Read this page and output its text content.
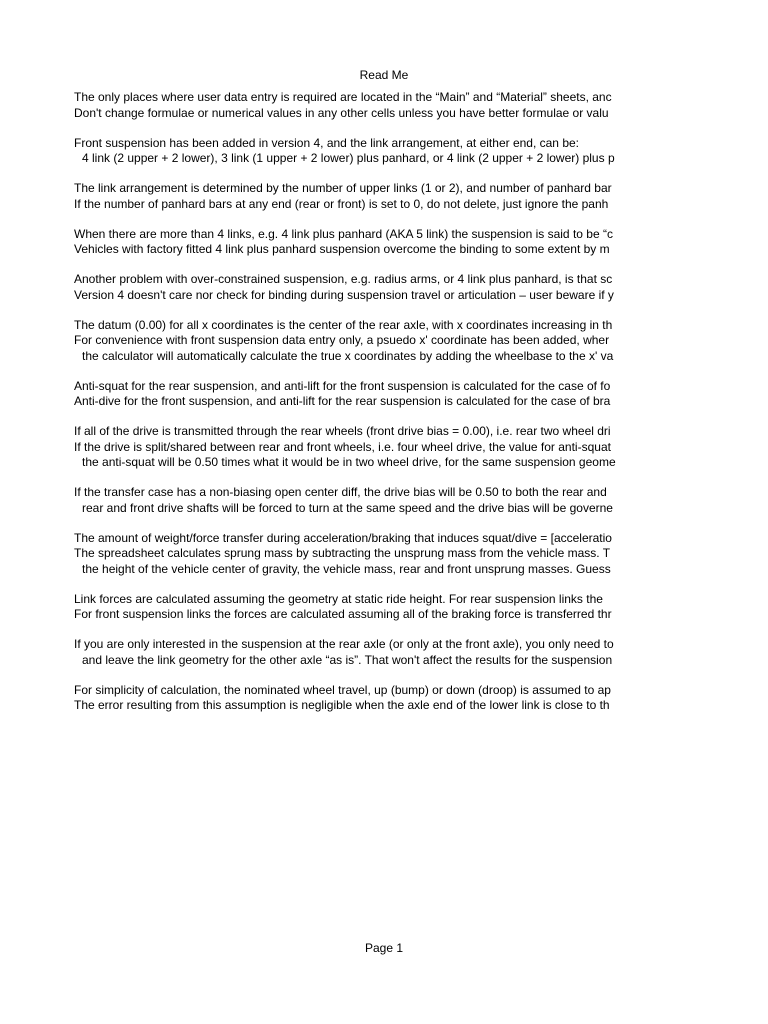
Read Me
The only places where user data entry is required are located in the “Main” and “Material” sheets, anc
Don't change formulae or numerical values in any other cells unless you have better formulae or valu
Front suspension has been added in version 4, and the link arrangement, at either end, can be:
4 link (2 upper + 2 lower), 3 link (1 upper + 2 lower) plus panhard, or 4 link (2 upper + 2 lower) plus p
The link arrangement is determined by the number of upper links (1 or 2), and number of panhard bar
If the number of panhard bars at any end (rear or front) is set to 0, do not delete, just ignore the panh
When there are more than 4 links, e.g. 4 link plus panhard (AKA 5 link) the suspension is said to be “c
Vehicles with factory fitted 4 link plus panhard suspension overcome the binding to some extent by m
Another problem with over-constrained suspension, e.g. radius arms, or 4 link plus panhard, is that sc
Version 4 doesn't care nor check for binding during suspension travel or articulation – user beware if y
The datum (0.00) for all x coordinates is the center of the rear axle, with x coordinates increasing in th
For convenience with front suspension data entry only, a psuedo x' coordinate has been added, wher
the calculator will automatically calculate the true x coordinates by adding the wheelbase to the x' va
Anti-squat for the rear suspension, and anti-lift for the front suspension is calculated for the case of fo
Anti-dive for the front suspension, and anti-lift for the rear suspension is calculated for the case of bra
If all of the drive is transmitted through the rear wheels (front drive bias = 0.00), i.e. rear two wheel dri
If the drive is split/shared between rear and front wheels, i.e. four wheel drive, the value for anti-squat
the anti-squat will be 0.50 times what it would be in two wheel drive, for the same suspension geome
If the transfer case has a non-biasing open center diff, the drive bias will be 0.50 to both the rear and
rear and front drive shafts will be forced to turn at the same speed and the drive bias will be governe
The amount of weight/force transfer during acceleration/braking that induces squat/dive = [acceleratio
The spreadsheet calculates sprung mass by subtracting the unsprung mass from the vehicle mass. T
the height of the vehicle center of gravity, the vehicle mass, rear and front unsprung masses. Guess
Link forces are calculated assuming the geometry at static ride height. For rear suspension links the
For front suspension links the forces are calculated assuming all of the braking force is transferred thr
If you are only interested in the suspension at the rear axle (or only at the front axle), you only need to
and leave the link geometry for the other axle “as is”. That won't affect the results for the suspension
For simplicity of calculation, the nominated wheel travel, up (bump) or down (droop) is assumed to ap
The error resulting from this assumption is negligible when the axle end of the lower link is close to th
Page 1
